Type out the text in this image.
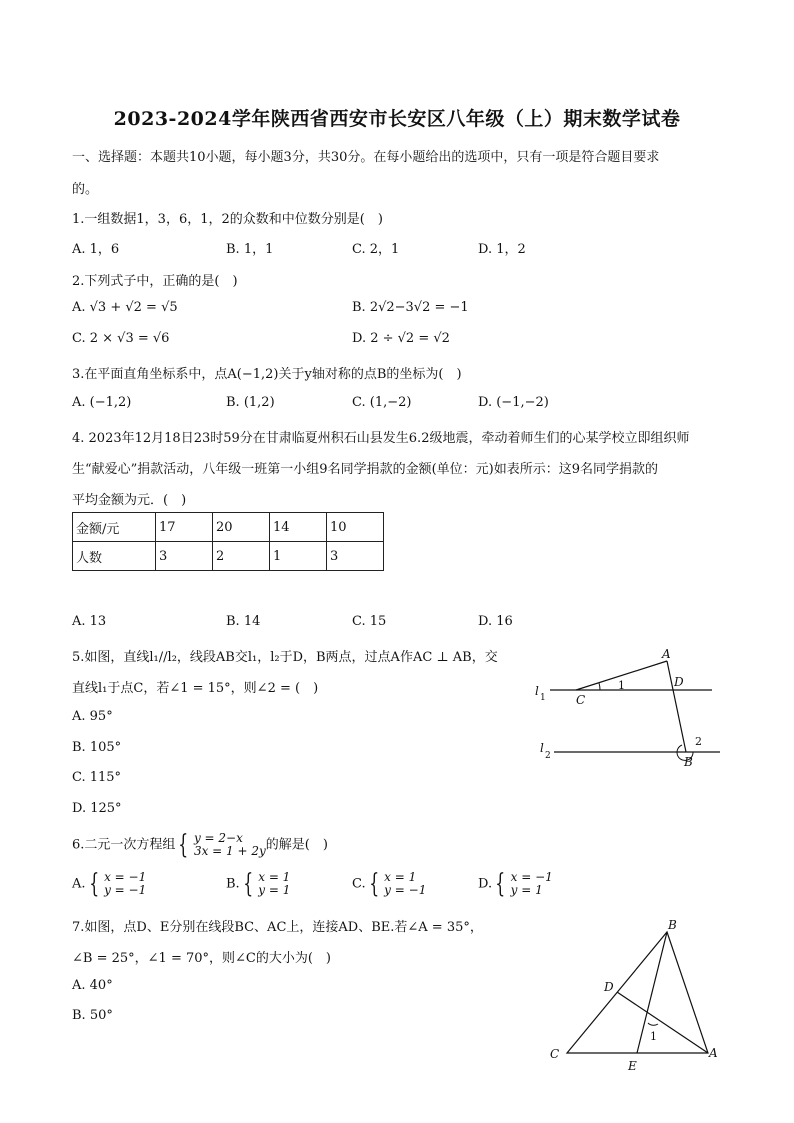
2023-2024学年陕西省西安市长安区八年级（上）期末数学试卷
一、选择题：本题共10小题，每小题3分，共30分。在每小题给出的选项中，只有一项是符合题目要求
的。
1.一组数据1，3，6，1，2的众数和中位数分别是(　)
A. 1，6	B. 1，1	C. 2，1	D. 1，2
2.下列式子中，正确的是(　)
A. √3 + √2 = √5	B. 2√2−3√2 = −1
C. 2 × √3 = √6	D. 2 ÷ √2 = √2
3.在平面直角坐标系中，点A(−1,2)关于y轴对称的点B的坐标为(　)
A. (−1,2)	B. (1,2)	C. (1,−2)	D. (−1,−2)
4. 2023年12月18日23时59分在甘肃临夏州积石山县发生6.2级地震，牵动着师生们的心某学校立即组织师
生“献爱心”捐款活动，八年级一班第一小组9名同学捐款的金额(单位：元)如表所示：这9名同学捐款的
平均金额为元．(　)
金额/元	17	20	14	10
人数	3	2	1	3
A. 13	B. 14	C. 15	D. 16
5.如图，直线l₁//l₂，线段AB交l₁，l₂于D，B两点，过点A作AC ⊥ AB，交
直线l₁于点C，若∠1 = 15°，则∠2 = (　)
A. 95°
B. 105°
C. 115°
D. 125°
A
D
C
B
1
2
l 1
l
2
6.二元一次方程组 { y = 2−x
3x = 1 + 2y 的解是(　)
A. { x = −1
y = −1	B. { x = 1
y = 1	C. { x = 1
y = −1	D. { x = −1
y = 1
7.如图，点D、E分别在线段BC、AC上，连接AD、BE.若∠A = 35°，
∠B = 25°，∠1 = 70°，则∠C的大小为(　)
A. 40°
B. 50°
B
D
1
C
E
A
